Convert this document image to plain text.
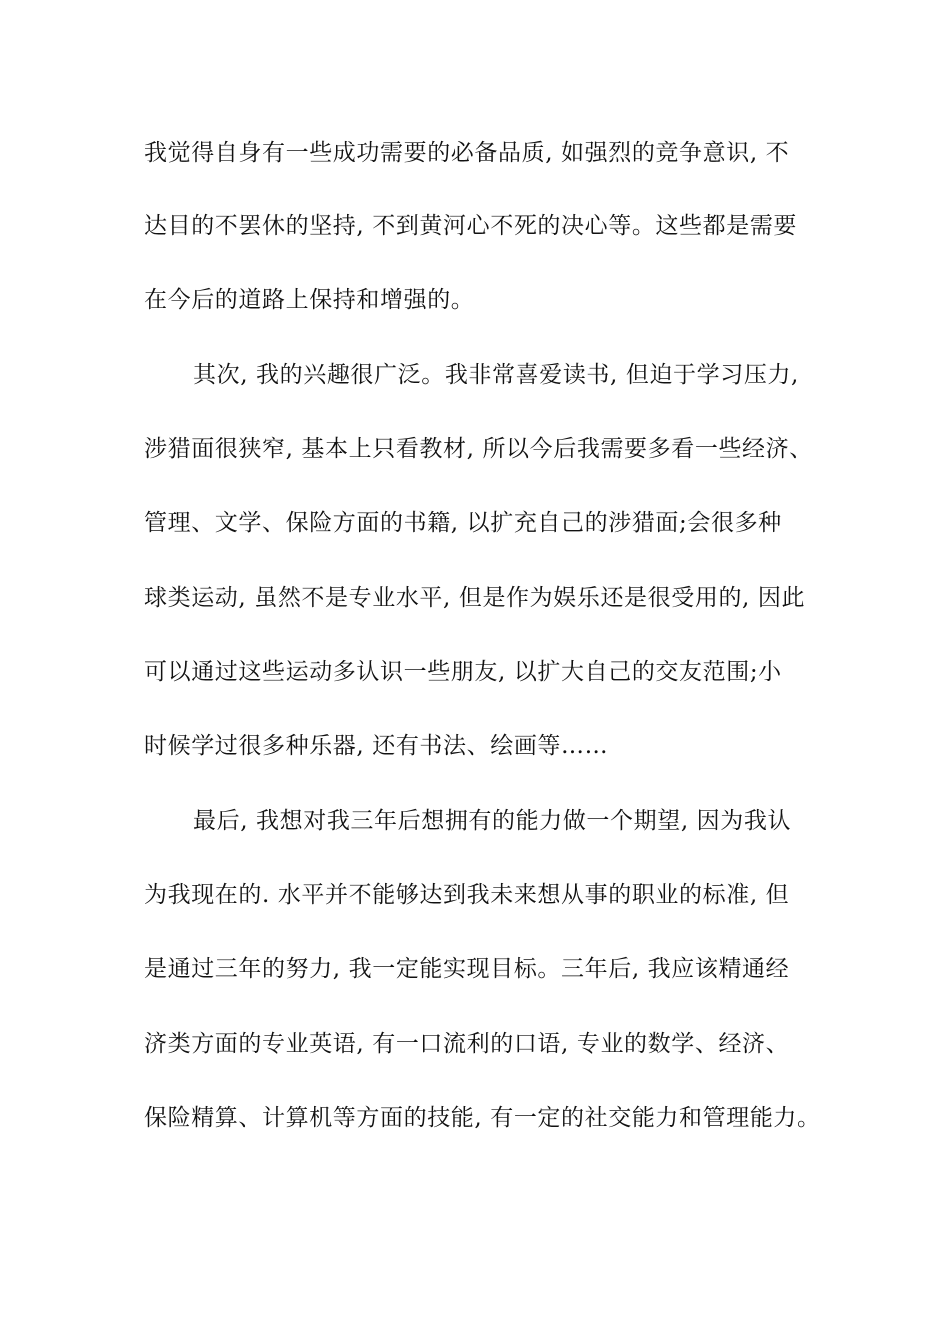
我觉得自身有一些成功需要的必备品质, 如强烈的竞争意识, 不
达目的不罢休的坚持, 不到黄河心不死的决心等。这些都是需要
在今后的道路上保持和增强的。
其次, 我的兴趣很广泛。我非常喜爱读书, 但迫于学习压力,
涉猎面很狭窄, 基本上只看教材, 所以今后我需要多看一些经济、
管理、文学、保险方面的书籍, 以扩充自己的涉猎面;会很多种
球类运动, 虽然不是专业水平, 但是作为娱乐还是很受用的, 因此
可以通过这些运动多认识一些朋友, 以扩大自己的交友范围;小
时候学过很多种乐器, 还有书法、绘画等……
最后, 我想对我三年后想拥有的能力做一个期望, 因为我认
为我现在的. 水平并不能够达到我未来想从事的职业的标准, 但
是通过三年的努力, 我一定能实现目标。三年后, 我应该精通经
济类方面的专业英语, 有一口流利的口语, 专业的数学、经济、
保险精算、计算机等方面的技能, 有一定的社交能力和管理能力。
